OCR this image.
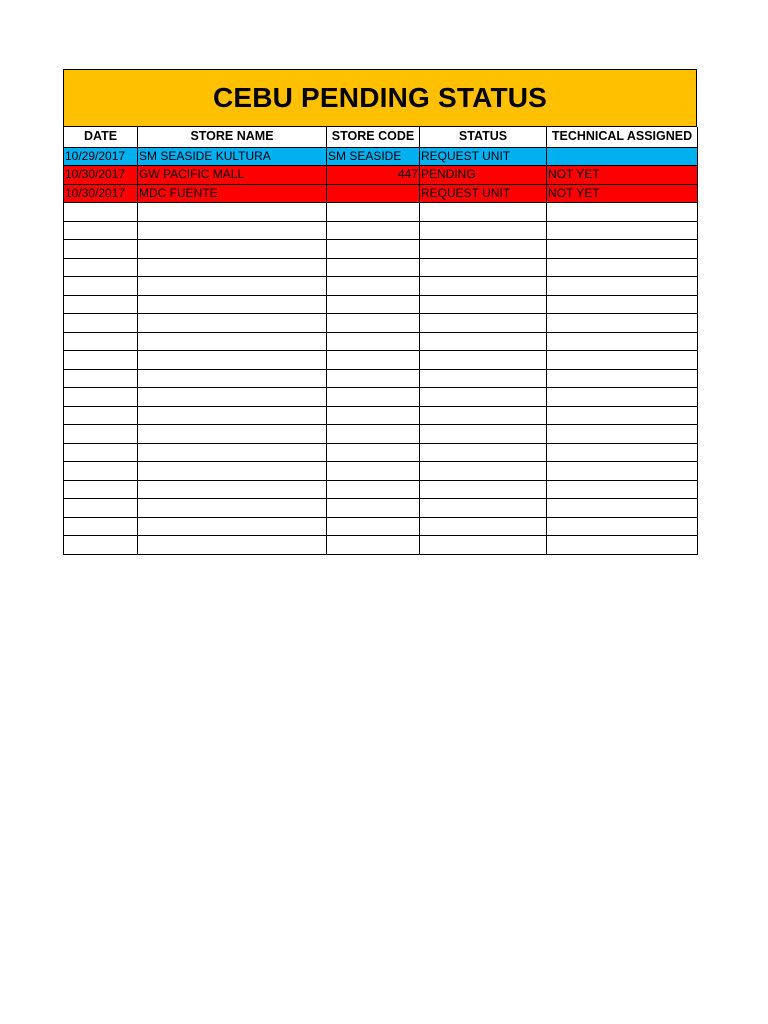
CEBU PENDING STATUS
DATE	STORE NAME	STORE CODE	STATUS	TECHNICAL ASSIGNED
10/29/2017	SM SEASIDE KULTURA	SM SEASIDE	REQUEST UNIT	
10/30/2017	GW PACIFIC MALL	447	PENDING	NOT YET
10/30/2017	MDC FUENTE		REQUEST UNIT	NOT YET
